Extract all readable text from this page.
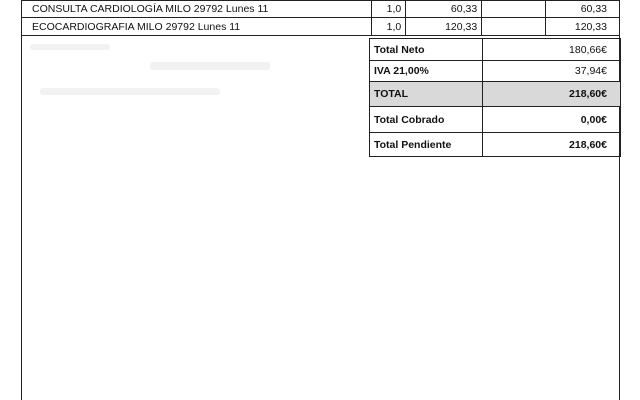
CONSULTA CARDIOLOGÍA MILO 29792 Lunes 11	1,0	60,33		60,33
ECOCARDIOGRAFIA MILO 29792 Lunes 11	1,0	120,33		120,33
Total Neto	180,66€
IVA 21,00%	37,94€
TOTAL	218,60€
Total Cobrado	0,00€
Total Pendiente	218,60€
